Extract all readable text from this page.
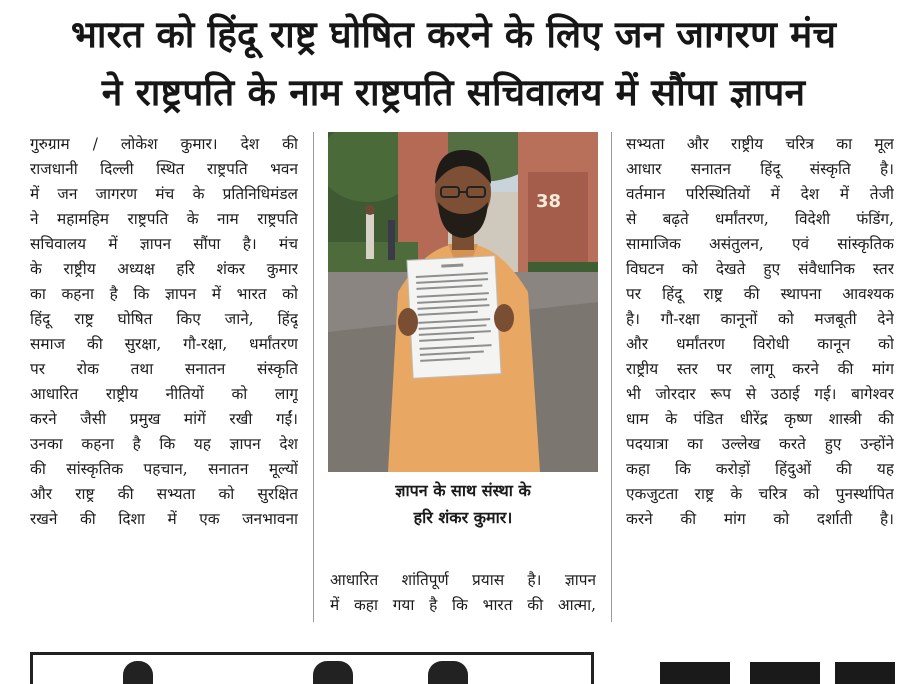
भारत को हिंदू राष्ट्र घोषित करने के लिए जन जागरण मंच
ने राष्ट्रपति के नाम राष्ट्रपति सचिवालय में सौंपा ज्ञापन
गुरुग्राम / लोकेश कुमार। देश की
राजधानी दिल्ली स्थित राष्ट्रपति भवन
में जन जागरण मंच के प्रतिनिधिमंडल
ने महामहिम राष्ट्रपति के नाम राष्ट्रपति
सचिवालय में ज्ञापन सौंपा है। मंच
के राष्ट्रीय अध्यक्ष हरि शंकर कुमार
का कहना है कि ज्ञापन में भारत को
हिंदू राष्ट्र घोषित किए जाने, हिंदू
समाज की सुरक्षा, गौ-रक्षा, धर्मांतरण
पर रोक तथा सनातन संस्कृति
आधारित राष्ट्रीय नीतियों को लागू
करने जैसी प्रमुख मांगें रखी गईं।
उनका कहना है कि यह ज्ञापन देश
की सांस्कृतिक पहचान, सनातन मूल्यों
और राष्ट्र की सभ्यता को सुरक्षित
रखने की दिशा में एक जनभावना
38
ज्ञापन के साथ संस्था के
हरि शंकर कुमार।
आधारित शांतिपूर्ण प्रयास है। ज्ञापन
में कहा गया है कि भारत की आत्मा,
सभ्यता और राष्ट्रीय चरित्र का मूल
आधार सनातन हिंदू संस्कृति है।
वर्तमान परिस्थितियों में देश में तेजी
से बढ़ते धर्मांतरण, विदेशी फंडिंग,
सामाजिक असंतुलन, एवं सांस्कृतिक
विघटन को देखते हुए संवैधानिक स्तर
पर हिंदू राष्ट्र की स्थापना आवश्यक
है। गौ-रक्षा कानूनों को मजबूती देने
और धर्मांतरण विरोधी कानून को
राष्ट्रीय स्तर पर लागू करने की मांग
भी जोरदार रूप से उठाई गई। बागेश्वर
धाम के पंडित धीरेंद्र कृष्ण शास्त्री की
पदयात्रा का उल्लेख करते हुए उन्होंने
कहा कि करोड़ों हिंदुओं की यह
एकजुटता राष्ट्र के चरित्र को पुनर्स्थापित
करने की मांग को दर्शाती है।
